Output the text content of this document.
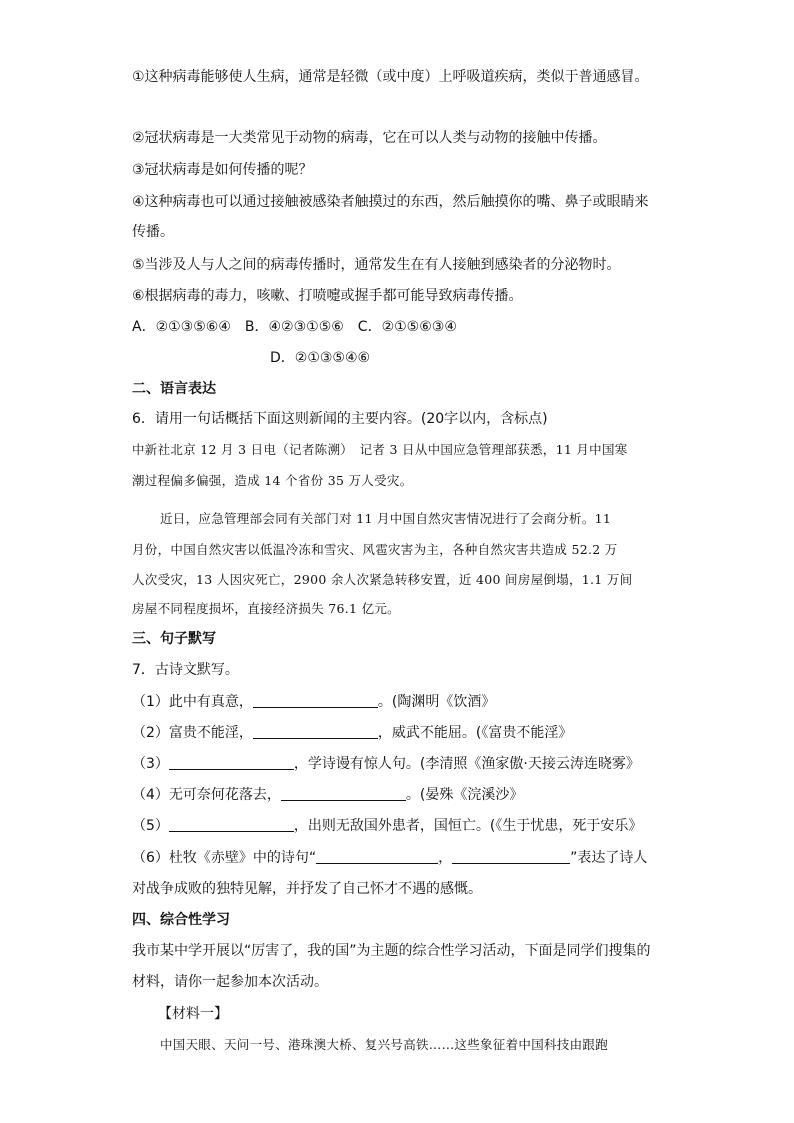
①这种病毒能够使人生病，通常是轻微（或中度）上呼吸道疾病，类似于普通感冒。
②冠状病毒是一大类常见于动物的病毒，它在可以人类与动物的接触中传播。
③冠状病毒是如何传播的呢？
④这种病毒也可以通过接触被感染者触摸过的东西，然后触摸你的嘴、鼻子或眼睛来
传播。
⑤当涉及人与人之间的病毒传播时，通常发生在有人接触到感染者的分泌物时。
⑥根据病毒的毒力，咳嗽、打喷嚏或握手都可能导致病毒传播。
A．②①③⑤⑥④　B．④②③①⑤⑥　C．②①⑤⑥③④
D．②①③⑤④⑥
二、语言表达
6．请用一句话概括下面这则新闻的主要内容。(20字以内，含标点)
中新社北京 12 月 3 日电（记者陈溯）　记者 3 日从中国应急管理部获悉，11 月中国寒
潮过程偏多偏强，造成 14 个省份 35 万人受灾。
近日，应急管理部会同有关部门对 11 月中国自然灾害情况进行了会商分析。11
月份，中国自然灾害以低温冷冻和雪灾、风雹灾害为主，各种自然灾害共造成 52.2 万
人次受灾，13 人因灾死亡，2900 余人次紧急转移安置，近 400 间房屋倒塌，1.1 万间
房屋不同程度损坏，直接经济损失 76.1 亿元。
三、句子默写
7．古诗文默写。
（1）此中有真意，	。(陶渊明《饮酒》
（2）富贵不能淫，	，威武不能屈。(《富贵不能淫》
（3）	，学诗谩有惊人句。(李清照《渔家傲·天接云涛连晓雾》
（4）无可奈何花落去，	。(晏殊《浣溪沙》
（5）	，出则无敌国外患者，国恒亡。(《生于忧患，死于安乐》
（6）杜牧《赤壁》中的诗句“	，	”表达了诗人
对战争成败的独特见解，并抒发了自己怀才不遇的感慨。
四、综合性学习
我市某中学开展以“厉害了，我的国”为主题的综合性学习活动，下面是同学们搜集的
材料，请你一起参加本次活动。
【材料一】
中国天眼、天问一号、港珠澳大桥、复兴号高铁……这些象征着中国科技由跟跑
